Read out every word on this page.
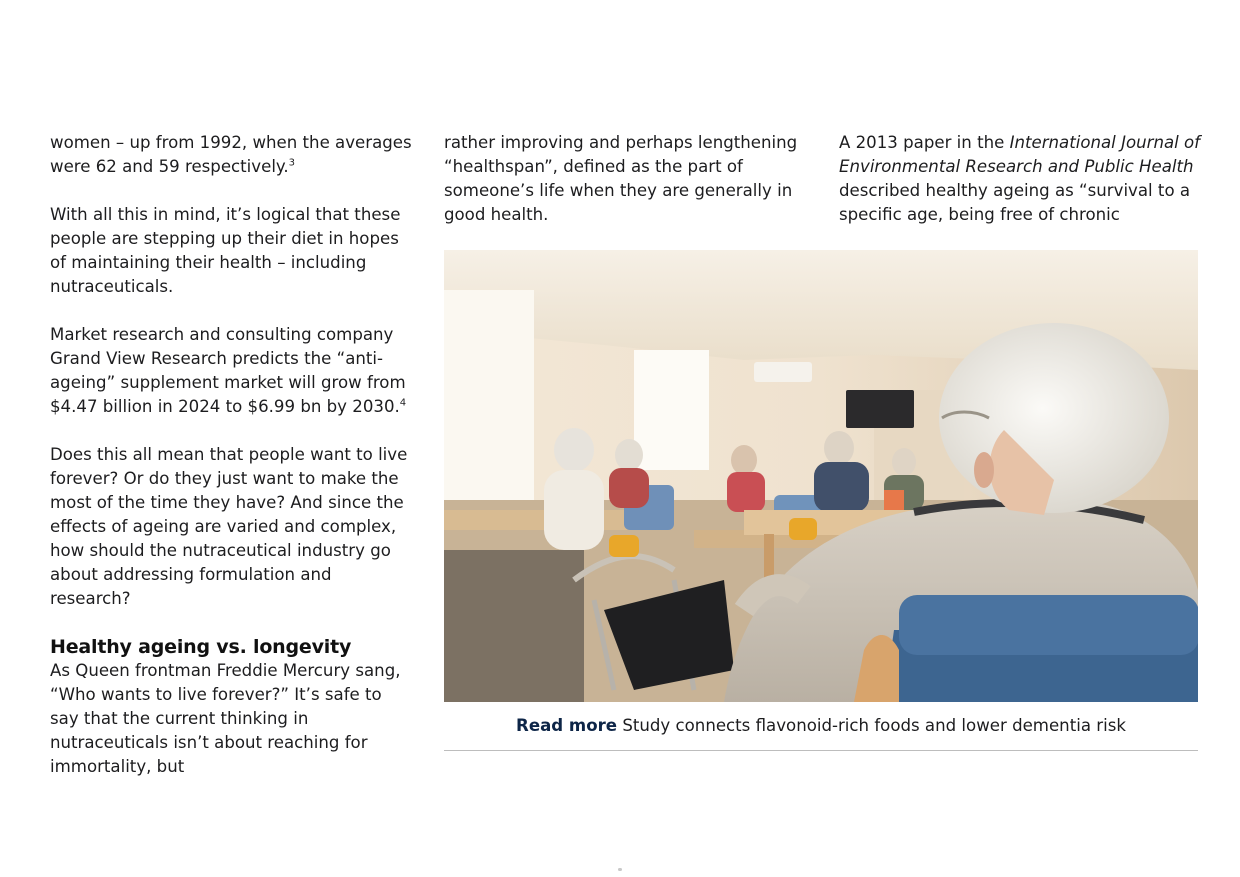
women – up from 1992, when the averages were 62 and 59 respectively.$^3$

With all this in mind, it’s logical that these people are stepping up their diet in hopes of maintaining their health – including nutraceuticals.

Market research and consulting company Grand View Research predicts the “anti-ageing” supplement market will grow from $4.47 billion in 2024 to $6.99 bn by 2030.$^4$

Does this all mean that people want to live forever? Or do they just want to make the most of the time they have? And since the effects of ageing are varied and complex, how should the nutraceutical industry go about addressing formulation and research?

Healthy ageing vs. longevity

As Queen frontman Freddie Mercury sang, “Who wants to live forever?” It’s safe to say that the current thinking in nutraceuticals isn’t about reaching for immortality, but

rather improving and perhaps lengthening “healthspan”, defined as the part of someone’s life when they are generally in good health.

A 2013 paper in the International Journal of Environmental Research and Public Health described healthy ageing as “survival to a specific age, being free of chronic

Read more Study connects flavonoid-rich foods and lower dementia risk
